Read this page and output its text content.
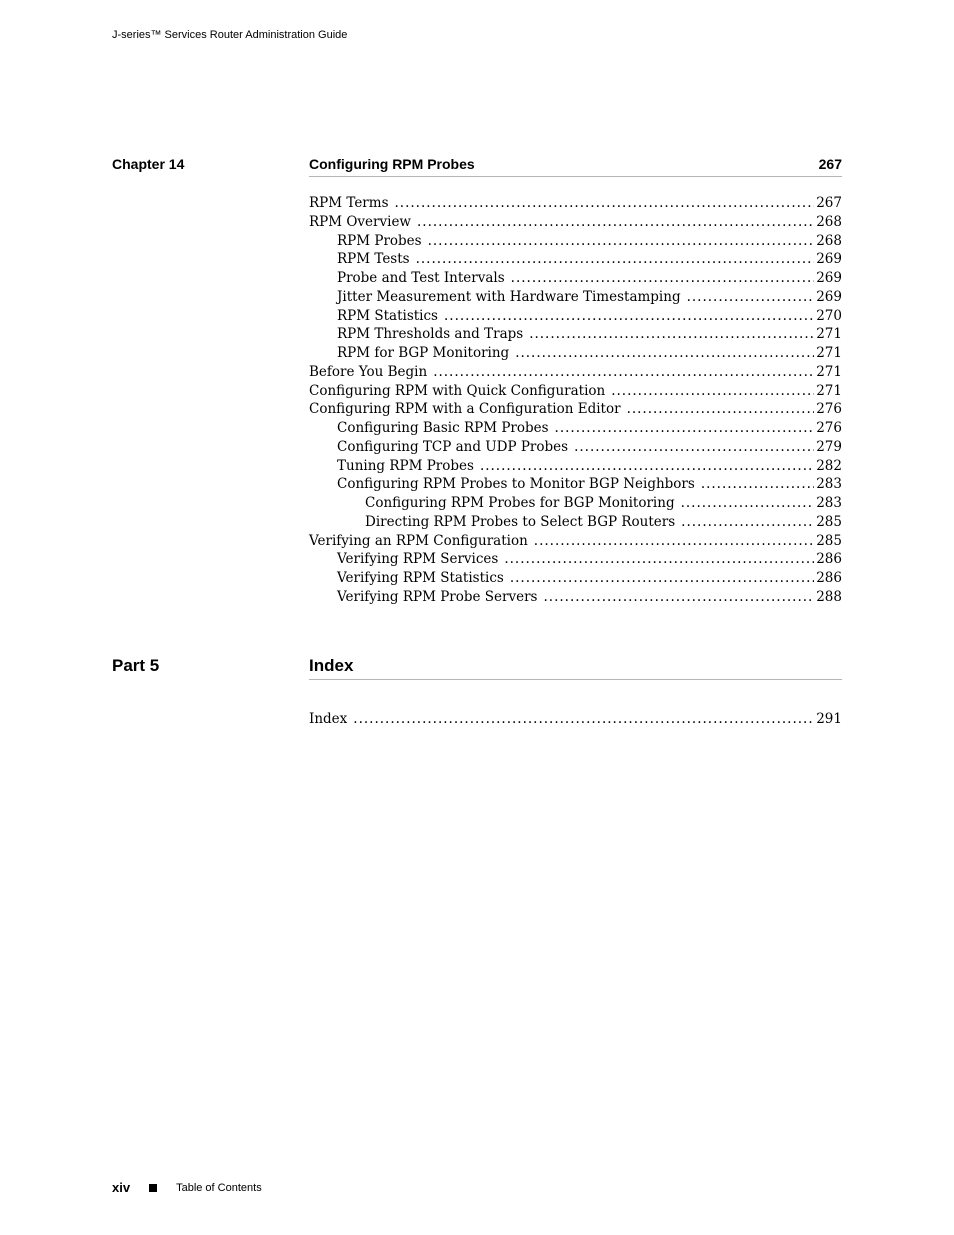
J-series™ Services Router Administration Guide
Chapter 14	Configuring RPM Probes	267
RPM Terms .....	267
RPM Overview .....	268
RPM Probes .....	268
RPM Tests .....	269
Probe and Test Intervals .....	269
Jitter Measurement with Hardware Timestamping .....	269
RPM Statistics .....	270
RPM Thresholds and Traps .....	271
RPM for BGP Monitoring .....	271
Before You Begin .....	271
Configuring RPM with Quick Configuration .....	271
Configuring RPM with a Configuration Editor .....	276
Configuring Basic RPM Probes .....	276
Configuring TCP and UDP Probes .....	279
Tuning RPM Probes .....	282
Configuring RPM Probes to Monitor BGP Neighbors .....	283
Configuring RPM Probes for BGP Monitoring .....	283
Directing RPM Probes to Select BGP Routers .....	285
Verifying an RPM Configuration .....	285
Verifying RPM Services .....	286
Verifying RPM Statistics .....	286
Verifying RPM Probe Servers .....	288
Part 5	Index
Index .....	291
xiv	Table of Contents
